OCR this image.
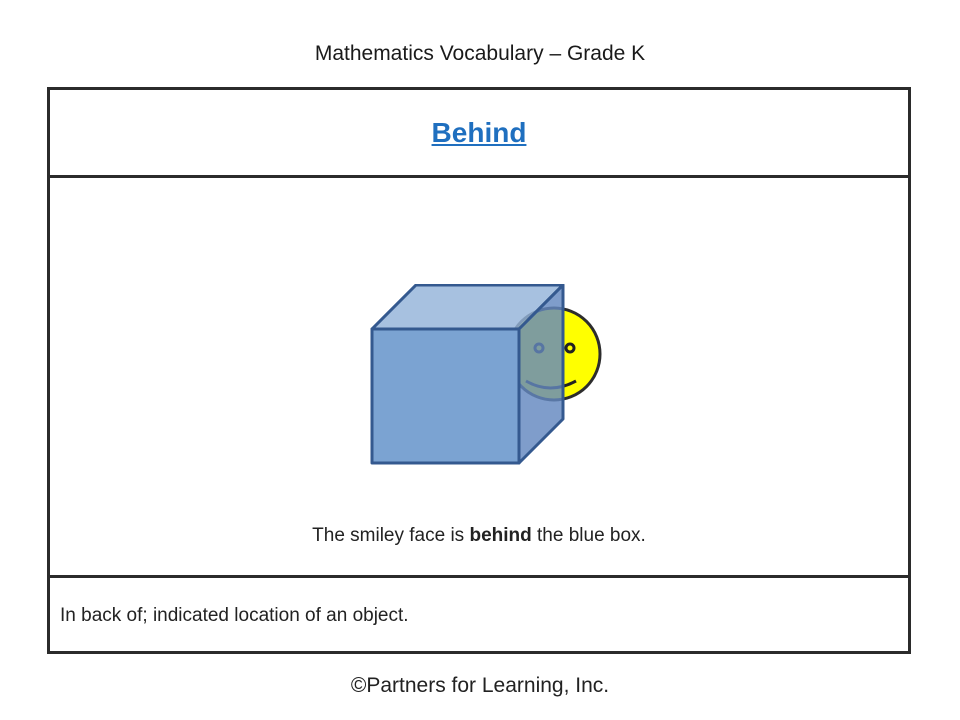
Mathematics Vocabulary – Grade K
Behind
The smiley face is behind the blue box.
In back of; indicated location of an object.
©Partners for Learning, Inc.
